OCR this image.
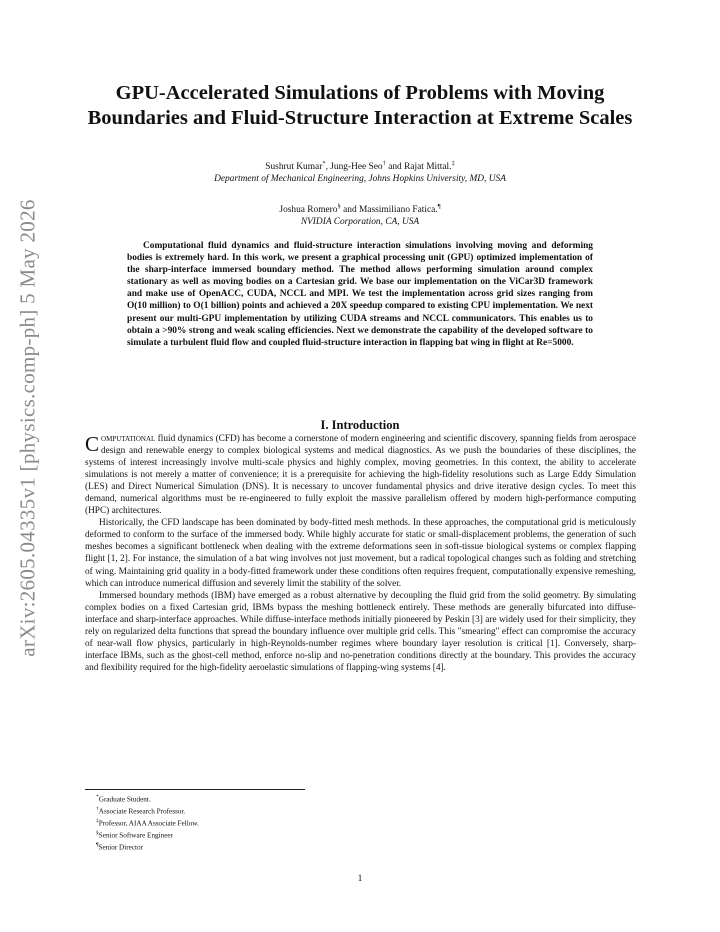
arXiv:2605.04335v1 [physics.comp-ph] 5 May 2026
GPU-Accelerated Simulations of Problems with Moving
Boundaries and Fluid-Structure Interaction at Extreme Scales
Sushrut Kumar*, Jung-Hee Seo† and Rajat Mittal.‡
Department of Mechanical Engineering, Johns Hopkins University, MD, USA
Joshua Romero§ and Massimiliano Fatica.¶
NVIDIA Corporation, CA, USA

Computational fluid dynamics and fluid-structure interaction simulations involving moving and deforming bodies is extremely hard. In this work, we present a graphical processing unit (GPU) optimized implementation of the sharp-interface immersed boundary method. The method allows performing simulation around complex stationary as well as moving bodies on a Cartesian grid. We base our implementation on the ViCar3D framework and make use of OpenACC, CUDA, NCCL and MPI. We test the implementation across grid sizes ranging from O(10 million) to O(1 billion) points and achieved a 20X speedup compared to existing CPU implementation. We next present our multi-GPU implementation by utilizing CUDA streams and NCCL communicators. This enables us to obtain a >90% strong and weak scaling efficiencies. Next we demonstrate the capability of the developed software to simulate a turbulent fluid flow and coupled fluid-structure interaction in flapping bat wing in flight at Re=5000.

I. Introduction

Computational fluid dynamics (CFD) has become a cornerstone of modern engineering and scientific discovery, spanning fields from aerospace design and renewable energy to complex biological systems and medical diagnostics. As we push the boundaries of these disciplines, the systems of interest increasingly involve multi-scale physics and highly complex, moving geometries. In this context, the ability to accelerate simulations is not merely a matter of convenience; it is a prerequisite for achieving the high-fidelity resolutions such as Large Eddy Simulation (LES) and Direct Numerical Simulation (DNS). It is necessary to uncover fundamental physics and drive iterative design cycles. To meet this demand, numerical algorithms must be re-engineered to fully exploit the massive parallelism offered by modern high-performance computing (HPC) architectures.

Historically, the CFD landscape has been dominated by body-fitted mesh methods. In these approaches, the computational grid is meticulously deformed to conform to the surface of the immersed body. While highly accurate for static or small-displacement problems, the generation of such meshes becomes a significant bottleneck when dealing with the extreme deformations seen in soft-tissue biological systems or complex flapping flight [1, 2]. For instance, the simulation of a bat wing involves not just movement, but a radical topological changes such as folding and stretching of wing. Maintaining grid quality in a body-fitted framework under these conditions often requires frequent, computationally expensive remeshing, which can introduce numerical diffusion and severely limit the stability of the solver.

Immersed boundary methods (IBM) have emerged as a robust alternative by decoupling the fluid grid from the solid geometry. By simulating complex bodies on a fixed Cartesian grid, IBMs bypass the meshing bottleneck entirely. These methods are generally bifurcated into diffuse-interface and sharp-interface approaches. While diffuse-interface methods initially pioneered by Peskin [3] are widely used for their simplicity, they rely on regularized delta functions that spread the boundary influence over multiple grid cells. This "smearing" effect can compromise the accuracy of near-wall flow physics, particularly in high-Reynolds-number regimes where boundary layer resolution is critical [1]. Conversely, sharp-interface IBMs, such as the ghost-cell method, enforce no-slip and no-penetration conditions directly at the boundary. This provides the accuracy and flexibility required for the high-fidelity aeroelastic simulations of flapping-wing systems [4].

*Graduate Student.
†Associate Research Professor.
‡Professor, AIAA Associate Fellow.
§Senior Software Engineer
¶Senior Director
1
